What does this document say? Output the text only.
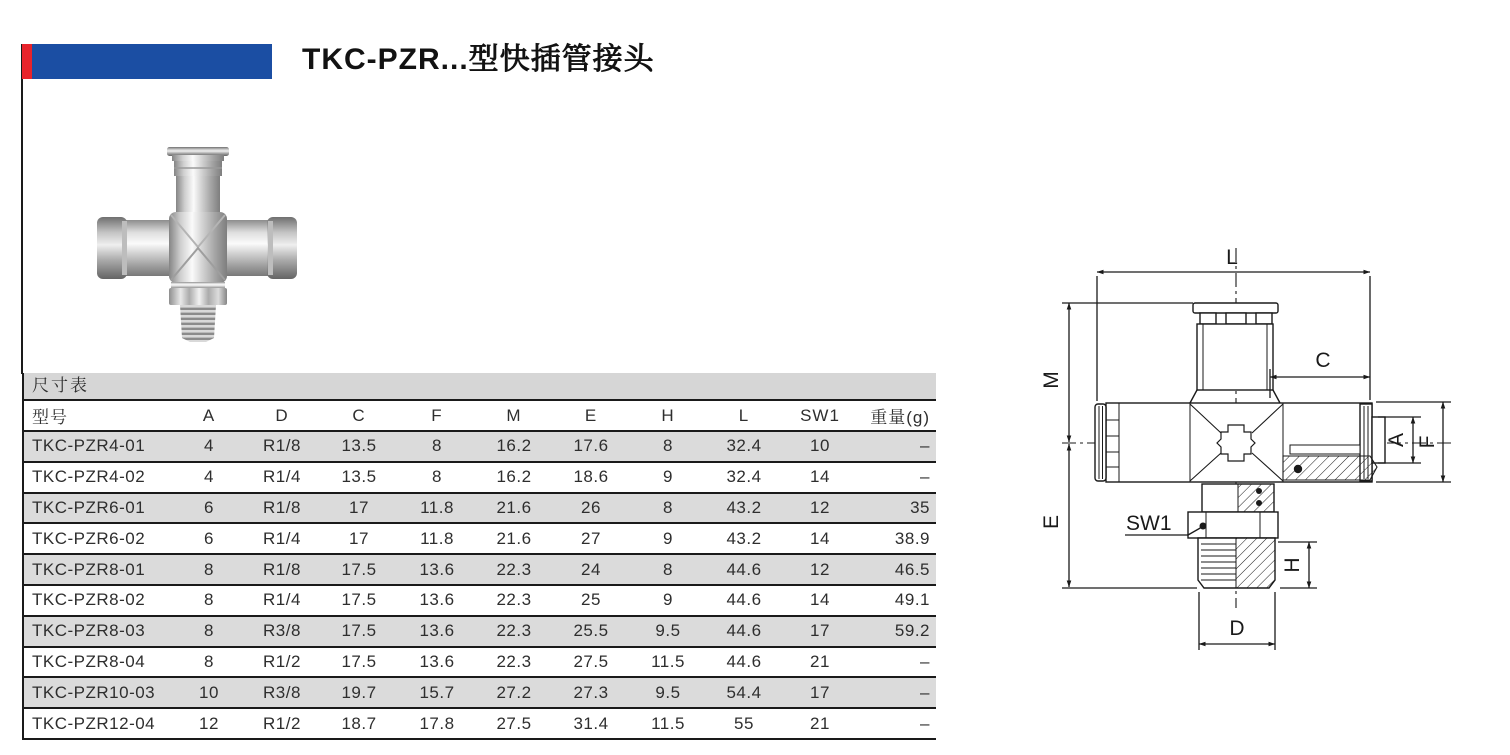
TKC-PZR...型快插管接头
尺寸表
型号	A	D	C	F	M	E	H	L	SW1	重量(g)
TKC-PZR4-01	4	R1/8	13.5	8	16.2	17.6	8	32.4	10	–
TKC-PZR4-02	4	R1/4	13.5	8	16.2	18.6	9	32.4	14	–
TKC-PZR6-01	6	R1/8	17	11.8	21.6	26	8	43.2	12	35
TKC-PZR6-02	6	R1/4	17	11.8	21.6	27	9	43.2	14	38.9
TKC-PZR8-01	8	R1/8	17.5	13.6	22.3	24	8	44.6	12	46.5
TKC-PZR8-02	8	R1/4	17.5	13.6	22.3	25	9	44.6	14	49.1
TKC-PZR8-03	8	R3/8	17.5	13.6	22.3	25.5	9.5	44.6	17	59.2
TKC-PZR8-04	8	R1/2	17.5	13.6	22.3	27.5	11.5	44.6	21	–
TKC-PZR10-03	10	R3/8	19.7	15.7	27.2	27.3	9.5	54.4	17	–
TKC-PZR12-04	12	R1/2	18.7	17.8	27.5	31.4	11.5	55	21	–
L
M
E
C
A F
H
D
SW1
